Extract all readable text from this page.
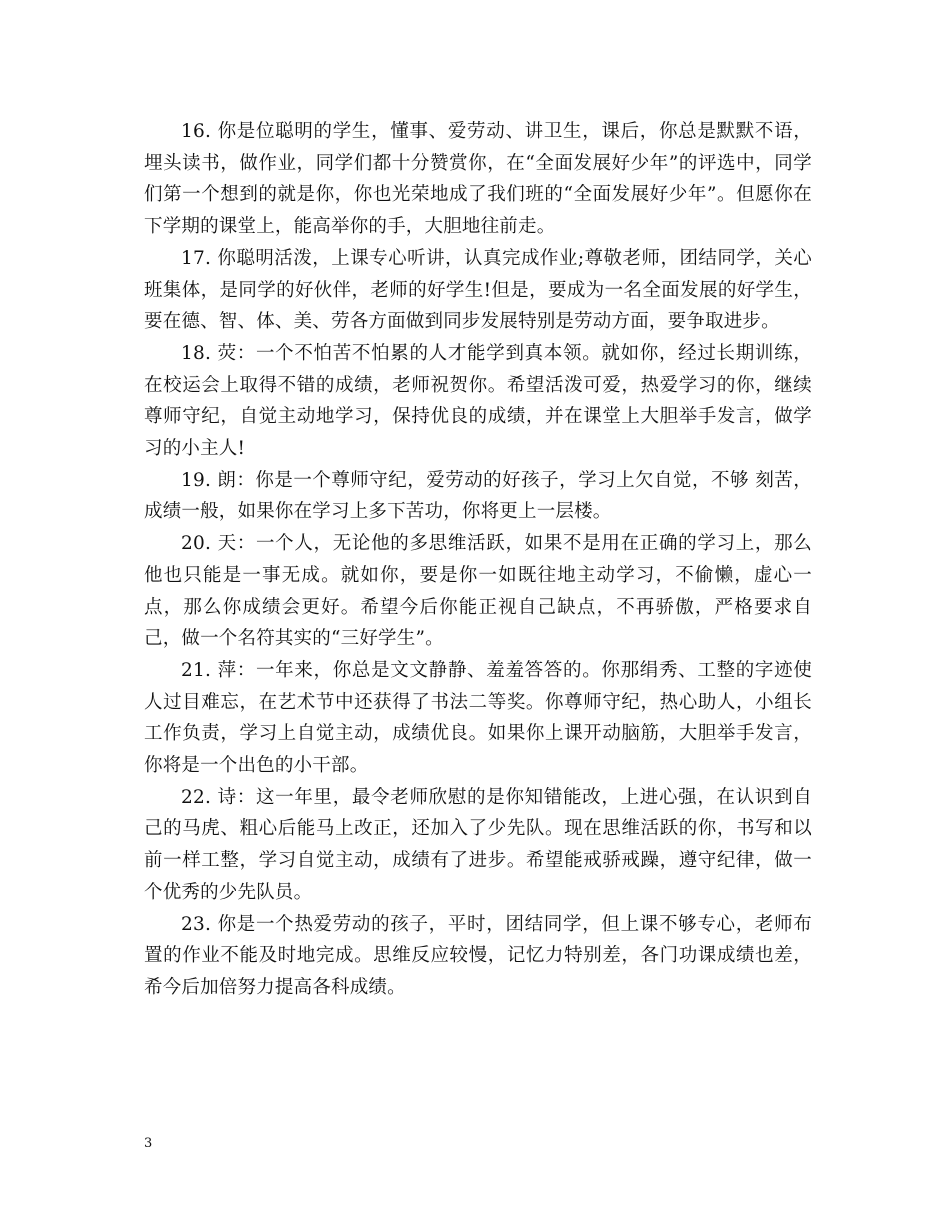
16. 你是位聪明的学生，懂事、爱劳动、讲卫生，课后，你总是默默不语，埋头读书，做作业，同学们都十分赞赏你，在“全面发展好少年”的评选中，同学们第一个想到的就是你，你也光荣地成了我们班的“全面发展好少年”。但愿你在下学期的课堂上，能高举你的手，大胆地往前走。

17. 你聪明活泼，上课专心听讲，认真完成作业;尊敬老师，团结同学，关心班集体，是同学的好伙伴，老师的好学生!但是，要成为一名全面发展的好学生，要在德、智、体、美、劳各方面做到同步发展特别是劳动方面，要争取进步。

18. 荧：一个不怕苦不怕累的人才能学到真本领。就如你，经过长期训练，在校运会上取得不错的成绩，老师祝贺你。希望活泼可爱，热爱学习的你，继续尊师守纪，自觉主动地学习，保持优良的成绩，并在课堂上大胆举手发言，做学习的小主人!

19. 朗：你是一个尊师守纪，爱劳动的好孩子，学习上欠自觉，不够 刻苦，成绩一般，如果你在学习上多下苦功，你将更上一层楼。

20. 天：一个人，无论他的多思维活跃，如果不是用在正确的学习上，那么他也只能是一事无成。就如你，要是你一如既往地主动学习，不偷懒，虚心一点，那么你成绩会更好。希望今后你能正视自己缺点，不再骄傲，严格要求自己，做一个名符其实的“三好学生”。

21. 萍：一年来，你总是文文静静、羞羞答答的。你那绢秀、工整的字迹使人过目难忘，在艺术节中还获得了书法二等奖。你尊师守纪，热心助人，小组长工作负责，学习上自觉主动，成绩优良。如果你上课开动脑筋，大胆举手发言，你将是一个出色的小干部。

22. 诗：这一年里，最令老师欣慰的是你知错能改，上进心强，在认识到自己的马虎、粗心后能马上改正，还加入了少先队。现在思维活跃的你，书写和以前一样工整，学习自觉主动，成绩有了进步。希望能戒骄戒躁，遵守纪律，做一个优秀的少先队员。

23. 你是一个热爱劳动的孩子，平时，团结同学，但上课不够专心，老师布置的作业不能及时地完成。思维反应较慢，记忆力特别差，各门功课成绩也差，希今后加倍努力提高各科成绩。

3
